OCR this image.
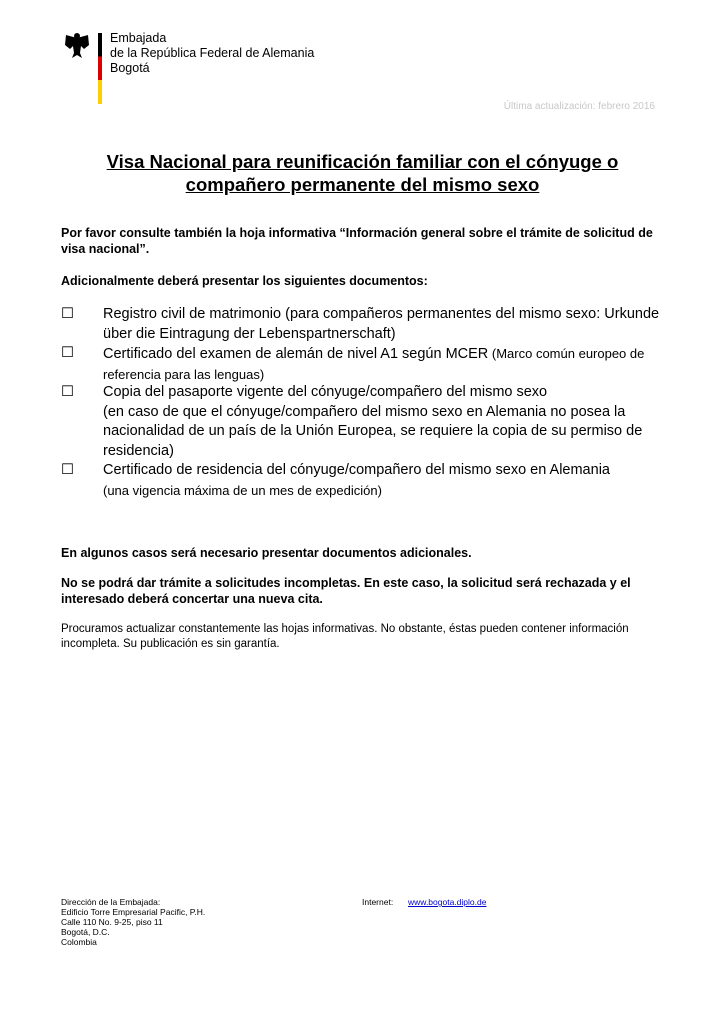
Embajada
de la República Federal de Alemania
Bogotá
Última actualización: febrero 2016
Visa Nacional para reunificación familiar con el cónyuge o compañero permanente del mismo sexo
Por favor consulte también la hoja informativa “Información general sobre el trámite de solicitud de visa nacional”.
Adicionalmente deberá presentar los siguientes documentos:
☐ Registro civil de matrimonio (para compañeros permanentes del mismo sexo: Urkunde über die Eintragung der Lebenspartnerschaft)
☐ Certificado del examen de alemán de nivel A1 según MCER (Marco común europeo de referencia para las lenguas)
☐ Copia del pasaporte vigente del cónyuge/compañero del mismo sexo
(en caso de que el cónyuge/compañero del mismo sexo en Alemania no posea la nacionalidad de un país de la Unión Europea, se requiere la copia de su permiso de residencia)
☐ Certificado de residencia del cónyuge/compañero del mismo sexo en Alemania
(una vigencia máxima de un mes de expedición)
En algunos casos será necesario presentar documentos adicionales.
No se podrá dar trámite a solicitudes incompletas. En este caso, la solicitud será rechazada y el interesado deberá concertar una nueva cita.
Procuramos actualizar constantemente las hojas informativas. No obstante, éstas pueden contener información incompleta. Su publicación es sin garantía.
Dirección de la Embajada:
Edificio Torre Empresarial Pacific, P.H.
Calle 110 No. 9-25, piso 11
Bogotá, D.C.
Colombia
Internet: www.bogota.diplo.de
